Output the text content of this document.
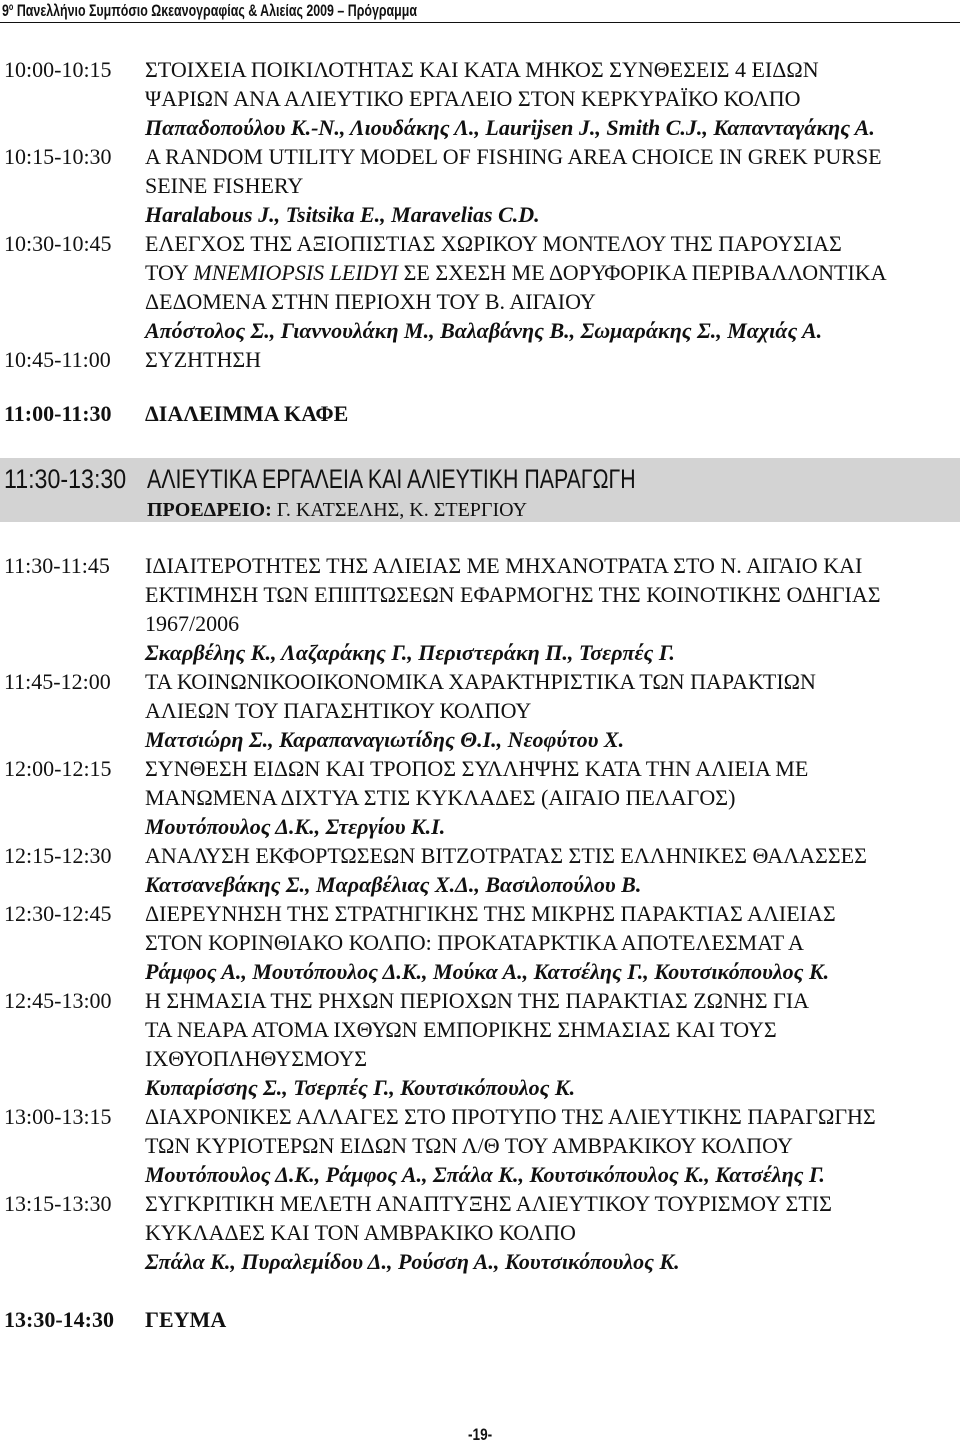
$9^o$ Πανελλήνιο Συμπόσιο Ωκεανογραφίας & Αλιείας 2009 – Πρόγραμμα
10:00-10:15	ΣΤΟΙΧΕΙΑ ΠΟΙΚΙΛΟΤΗΤΑΣ ΚΑΙ ΚΑΤΑ ΜΗΚΟΣ ΣΥΝΘΕΣΕΙΣ 4 ΕΙΔΩΝ
ΨΑΡΙΩΝ ΑΝΑ ΑΛΙΕΥΤΙΚΟ ΕΡΓΑΛΕΙΟ ΣΤΟΝ ΚΕΡΚΥΡΑΪΚΟ ΚΟΛΠΟ
Παπαδοπούλου Κ.-Ν., Λιουδάκης Λ., Laurijsen J., Smith C.J., Καπανταγάκης Α.
10:15-10:30	A RANDOM UTILITY MODEL OF FISHING AREA CHOICE IN GREK PURSE
SEINE FISHERY
Haralabous J., Tsitsika E., Maravelias C.D.
10:30-10:45	ΕΛΕΓΧΟΣ ΤΗΣ ΑΞΙΟΠΙΣΤΙΑΣ ΧΩΡΙΚΟΥ ΜΟΝΤΕΛΟΥ ΤΗΣ ΠΑΡΟΥΣΙΑΣ
ΤΟΥ MNEMIOPSIS LEIDYI ΣΕ ΣΧΕΣΗ ΜΕ ΔΟΡΥΦΟΡΙΚΑ ΠΕΡΙΒΑΛΛΟΝΤΙΚΑ
ΔΕΔΟΜΕΝΑ ΣΤΗΝ ΠΕΡΙΟΧΗ ΤΟΥ Β. ΑΙΓΑΙΟΥ
Απόστολος Σ., Γιαννουλάκη Μ., Βαλαβάνης Β., Σωμαράκης Σ., Μαχιάς Α.
10:45-11:00	ΣΥΖΗΤΗΣΗ
11:00-11:30	ΔΙΑΛΕΙΜΜΑ ΚΑΦΕ
11:30-13:30 ΑΛΙΕΥΤΙΚΑ ΕΡΓΑΛΕΙΑ ΚΑΙ ΑΛΙΕΥΤΙΚΗ ΠΑΡΑΓΩΓΗ
ΠΡΟΕΔΡΕΙΟ: Γ. ΚΑΤΣΕΛΗΣ, Κ. ΣΤΕΡΓΙΟΥ
11:30-11:45	ΙΔΙΑΙΤΕΡΟΤΗΤΕΣ ΤΗΣ ΑΛΙΕΙΑΣ ΜΕ ΜΗΧΑΝΟΤΡΑΤΑ ΣΤΟ Ν. ΑΙΓΑΙΟ ΚΑΙ
ΕΚΤΙΜΗΣΗ ΤΩΝ ΕΠΙΠΤΩΣΕΩΝ ΕΦΑΡΜΟΓΗΣ ΤΗΣ ΚΟΙΝΟΤΙΚΗΣ ΟΔΗΓΙΑΣ
1967/2006
Σκαρβέλης Κ., Λαζαράκης Γ., Περιστεράκη Π., Τσερπές Γ.
11:45-12:00	ΤΑ ΚΟΙΝΩΝΙΚΟΟΙΚΟΝΟΜΙΚΑ ΧΑΡΑΚΤΗΡΙΣΤΙΚΑ ΤΩΝ ΠΑΡΑΚΤΙΩΝ
ΑΛΙΕΩΝ ΤΟΥ ΠΑΓΑΣΗΤΙΚΟΥ ΚΟΛΠΟΥ
Ματσιώρη Σ., Καραπαναγιωτίδης Θ.Ι., Νεοφύτου Χ.
12:00-12:15	ΣΥΝΘΕΣΗ ΕΙΔΩΝ ΚΑΙ ΤΡΟΠΟΣ ΣΥΛΛΗΨΗΣ ΚΑΤΑ ΤΗΝ ΑΛΙΕΙΑ ΜΕ
ΜΑΝΩΜΕΝΑ ΔΙΧΤΥΑ ΣΤΙΣ ΚΥΚΛΑΔΕΣ (ΑΙΓΑΙΟ ΠΕΛΑΓΟΣ)
Μουτόπουλος Δ.Κ., Στεργίου Κ.Ι.
12:15-12:30	ΑΝΑΛΥΣΗ ΕΚΦΟΡΤΩΣΕΩΝ ΒΙΤΖΟΤΡΑΤΑΣ ΣΤΙΣ ΕΛΛΗΝΙΚΕΣ ΘΑΛΑΣΣΕΣ
Κατσανεβάκης Σ., Μαραβέλιας Χ.Δ., Βασιλοπούλου Β.
12:30-12:45	ΔΙΕΡΕΥΝΗΣΗ ΤΗΣ ΣΤΡΑΤΗΓΙΚΗΣ ΤΗΣ ΜΙΚΡΗΣ ΠΑΡΑΚΤΙΑΣ ΑΛΙΕΙΑΣ
ΣΤΟΝ ΚΟΡΙΝΘΙΑΚΟ ΚΟΛΠΟ: ΠΡΟΚΑΤΑΡΚΤΙΚΑ ΑΠΟΤΕΛΕΣΜΑΤ Α
Ράμφος Α., Μουτόπουλος Δ.Κ., Μούκα Α., Κατσέλης Γ., Κουτσικόπουλος Κ.
12:45-13:00	Η ΣΗΜΑΣΙΑ ΤΗΣ ΡΗΧΩΝ ΠΕΡΙΟΧΩΝ ΤΗΣ ΠΑΡΑΚΤΙΑΣ ΖΩΝΗΣ ΓΙΑ
ΤΑ ΝΕΑΡΑ ΑΤΟΜΑ ΙΧΘΥΩΝ ΕΜΠΟΡΙΚΗΣ ΣΗΜΑΣΙΑΣ ΚΑΙ ΤΟΥΣ
ΙΧΘΥΟΠΛΗΘΥΣΜΟΥΣ
Κυπαρίσσης Σ., Τσερπές Γ., Κουτσικόπουλος Κ.
13:00-13:15	ΔΙΑΧΡΟΝΙΚΕΣ ΑΛΛΑΓΕΣ ΣΤΟ ΠΡΟΤΥΠΟ ΤΗΣ ΑΛΙΕΥΤΙΚΗΣ ΠΑΡΑΓΩΓΗΣ
ΤΩΝ ΚΥΡΙΟΤΕΡΩΝ ΕΙΔΩΝ ΤΩΝ Λ/Θ ΤΟΥ ΑΜΒΡΑΚΙΚΟΥ ΚΟΛΠΟΥ
Μουτόπουλος Δ.Κ., Ράμφος Α., Σπάλα Κ., Κουτσικόπουλος Κ., Κατσέλης Γ.
13:15-13:30	ΣΥΓΚΡΙΤΙΚΗ ΜΕΛΕΤΗ ΑΝΑΠΤΥΞΗΣ ΑΛΙΕΥΤΙΚΟΥ ΤΟΥΡΙΣΜΟΥ ΣΤΙΣ
ΚΥΚΛΑΔΕΣ ΚΑΙ ΤΟΝ ΑΜΒΡΑΚΙΚΟ ΚΟΛΠΟ
Σπάλα Κ., Πυραλεμίδου Δ., Ρούσση Α., Κουτσικόπουλος Κ.
13:30-14:30	ΓΕΥΜΑ
-19-
